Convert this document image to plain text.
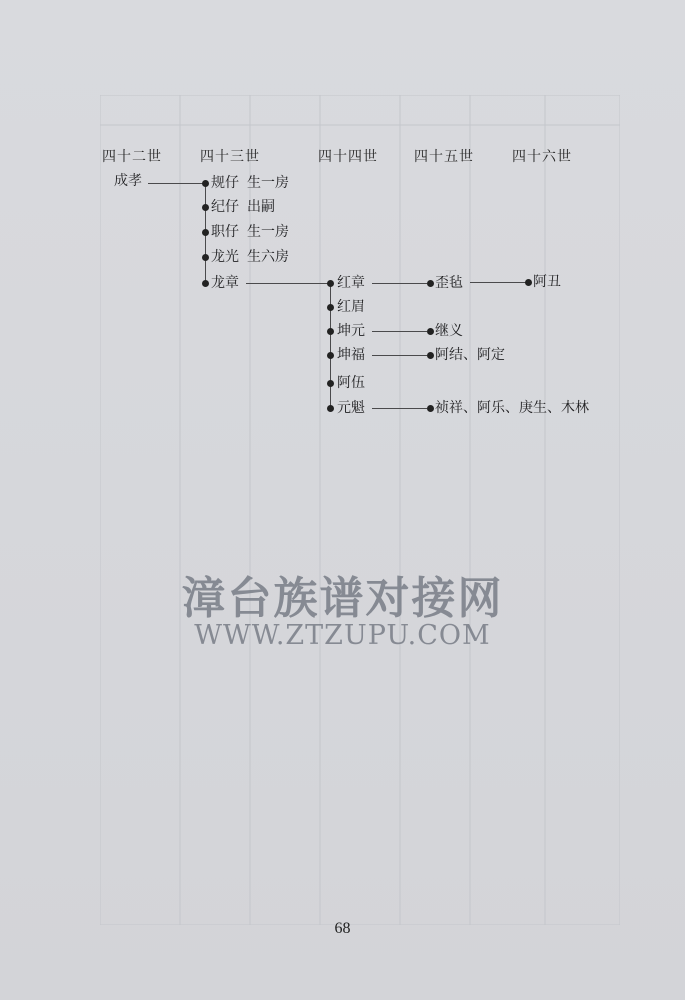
四十二世	四十三世	四十四世	四十五世	四十六世
成孝	规仔 生一房
纪仔 出嗣
职仔 生一房
龙光 生六房
龙章	红章
红眉
坤元
坤福
阿伍
元魁
歪毡
继义
阿结、阿定
祯祥、阿乐、庚生、木林
阿丑
漳台族谱对接网
WWW.ZTZUPU.COM
68
